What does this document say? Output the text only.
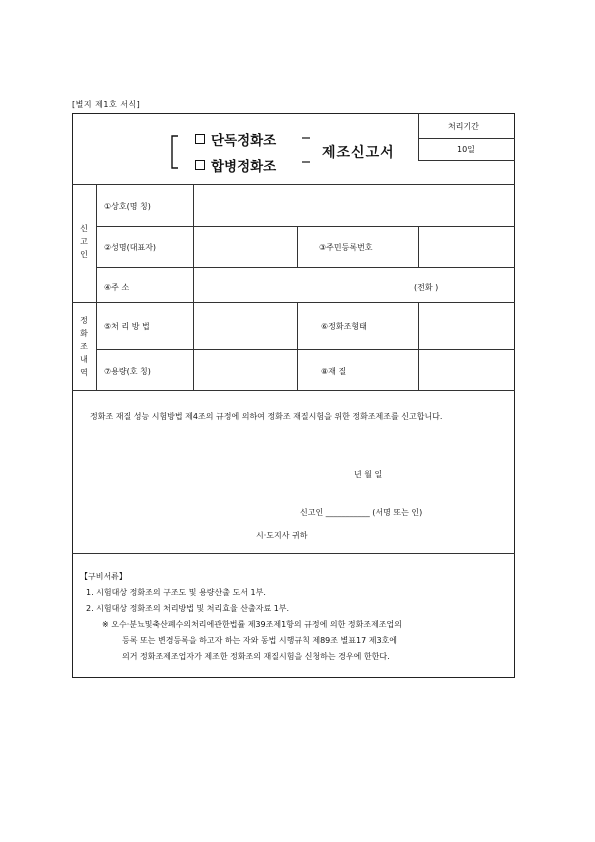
[별지 제1호 서식]
단독정화조
합병정화조
제조신고서
처리기간
10일
신
고
인
①상호(명 칭)
②성명(대표자)	③주민등록번호
④주 소	(전화 )
정
화
조
내
역
⑤처 리 방 법	⑥정화조형태
⑦용량(호 칭)	⑧재 질
정화조 재질 성능 시험방법 제4조의 규정에 의하여 정화조 재질시험을 위한 정화조제조를 신고합니다.
년 월 일
신고인 ___________ (서명 또는 인)
시·도지사 귀하
【구비서류】
1. 시험대상 정화조의 구조도 및 용량산출 도서 1부.
2. 시험대상 정화조의 처리방법 및 처리효율 산출자료 1부.
※ 오수·분뇨및축산폐수의처리에관한법률 제39조제1항의 규정에 의한 정화조제조업의
등록 또는 변경등록을 하고자 하는 자와 동법 시행규칙 제89조 별표17 제3호에
의거 정화조제조업자가 제조한 정화조의 재질시험을 신청하는 경우에 한한다.
